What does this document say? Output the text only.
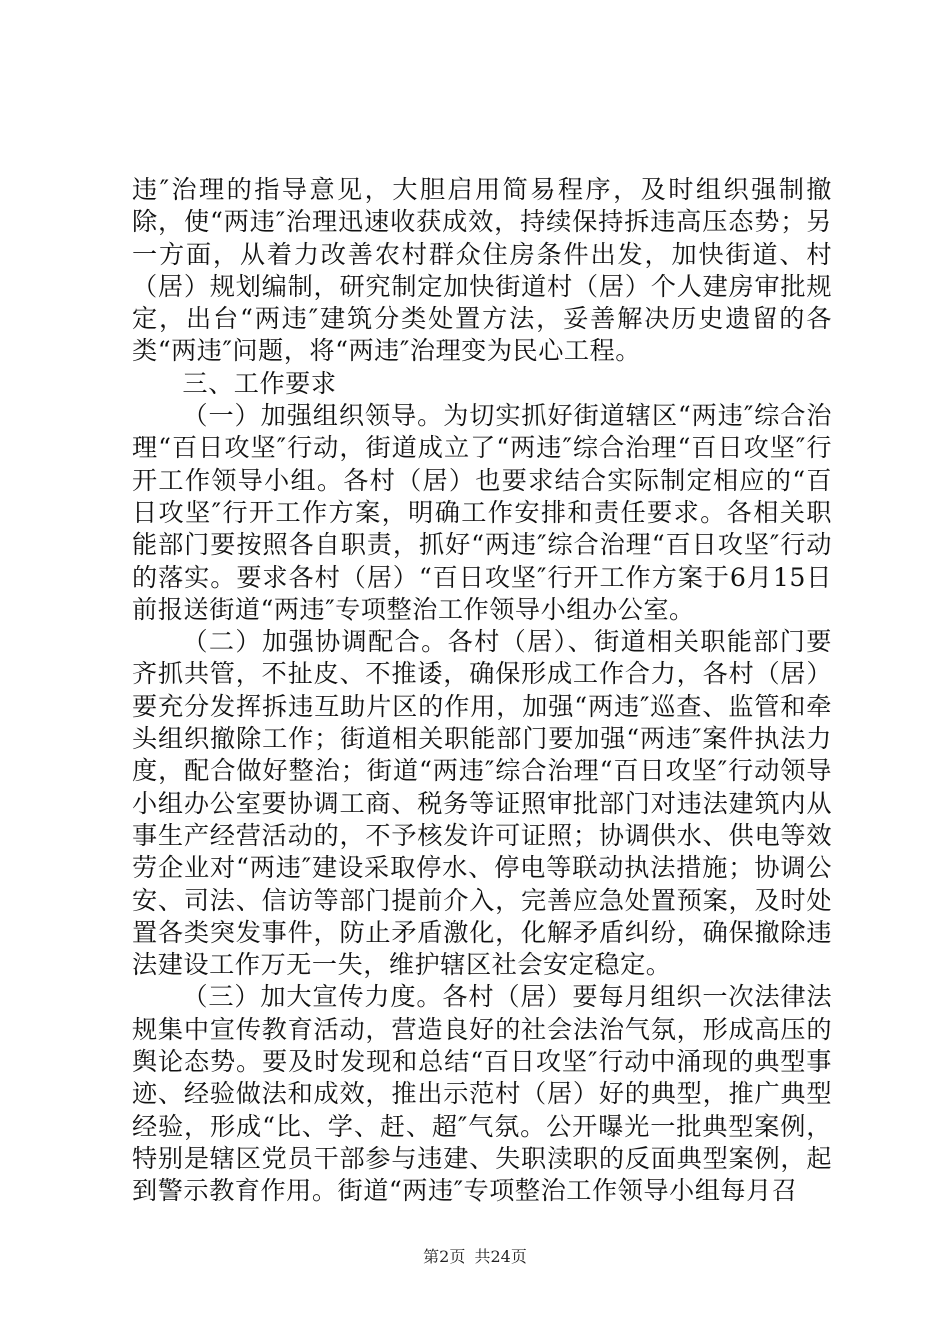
违″治理的指导意见，大胆启用简易程序，及时组织强制撤除，使“两违″治理迅速收获成效，持续保持拆违高压态势；另一方面，从着力改善农村群众住房条件出发，加快街道、村（居）规划编制，研究制定加快街道村（居）个人建房审批规定，出台“两违″建筑分类处置方法，妥善解决历史遗留的各类“两违″问题，将“两违″治理变为民心工程。

三、工作要求

（一）加强组织领导。为切实抓好街道辖区“两违″综合治理“百日攻坚″行动，街道成立了“两违″综合治理“百日攻坚″行开工作领导小组。各村（居）也要求结合实际制定相应的“百日攻坚″行开工作方案，明确工作安排和责任要求。各相关职能部门要按照各自职责，抓好“两违″综合治理“百日攻坚″行动的落实。要求各村（居）“百日攻坚″行开工作方案于6月15日前报送街道“两违″专项整治工作领导小组办公室。

（二）加强协调配合。各村（居）、街道相关职能部门要齐抓共管，不扯皮、不推诿，确保形成工作合力，各村（居）要充分发挥拆违互助片区的作用，加强“两违″巡查、监管和牵头组织撤除工作；街道相关职能部门要加强“两违″案件执法力度，配合做好整治；街道“两违″综合治理“百日攻坚″行动领导小组办公室要协调工商、税务等证照审批部门对违法建筑内从事生产经营活动的，不予核发许可证照；协调供水、供电等效劳企业对“两违″建设采取停水、停电等联动执法措施；协调公安、司法、信访等部门提前介入，完善应急处置预案，及时处置各类突发事件，防止矛盾激化，化解矛盾纠纷，确保撤除违法建设工作万无一失，维护辖区社会安定稳定。

（三）加大宣传力度。各村（居）要每月组织一次法律法规集中宣传教育活动，营造良好的社会法治气氛，形成高压的舆论态势。要及时发现和总结“百日攻坚″行动中涌现的典型事迹、经验做法和成效，推出示范村（居）好的典型，推广典型经验，形成“比、学、赶、超″气氛。公开曝光一批典型案例，特别是辖区党员干部参与违建、失职渎职的反面典型案例，起到警示教育作用。街道“两违″专项整治工作领导小组每月召

第2页 共24页
